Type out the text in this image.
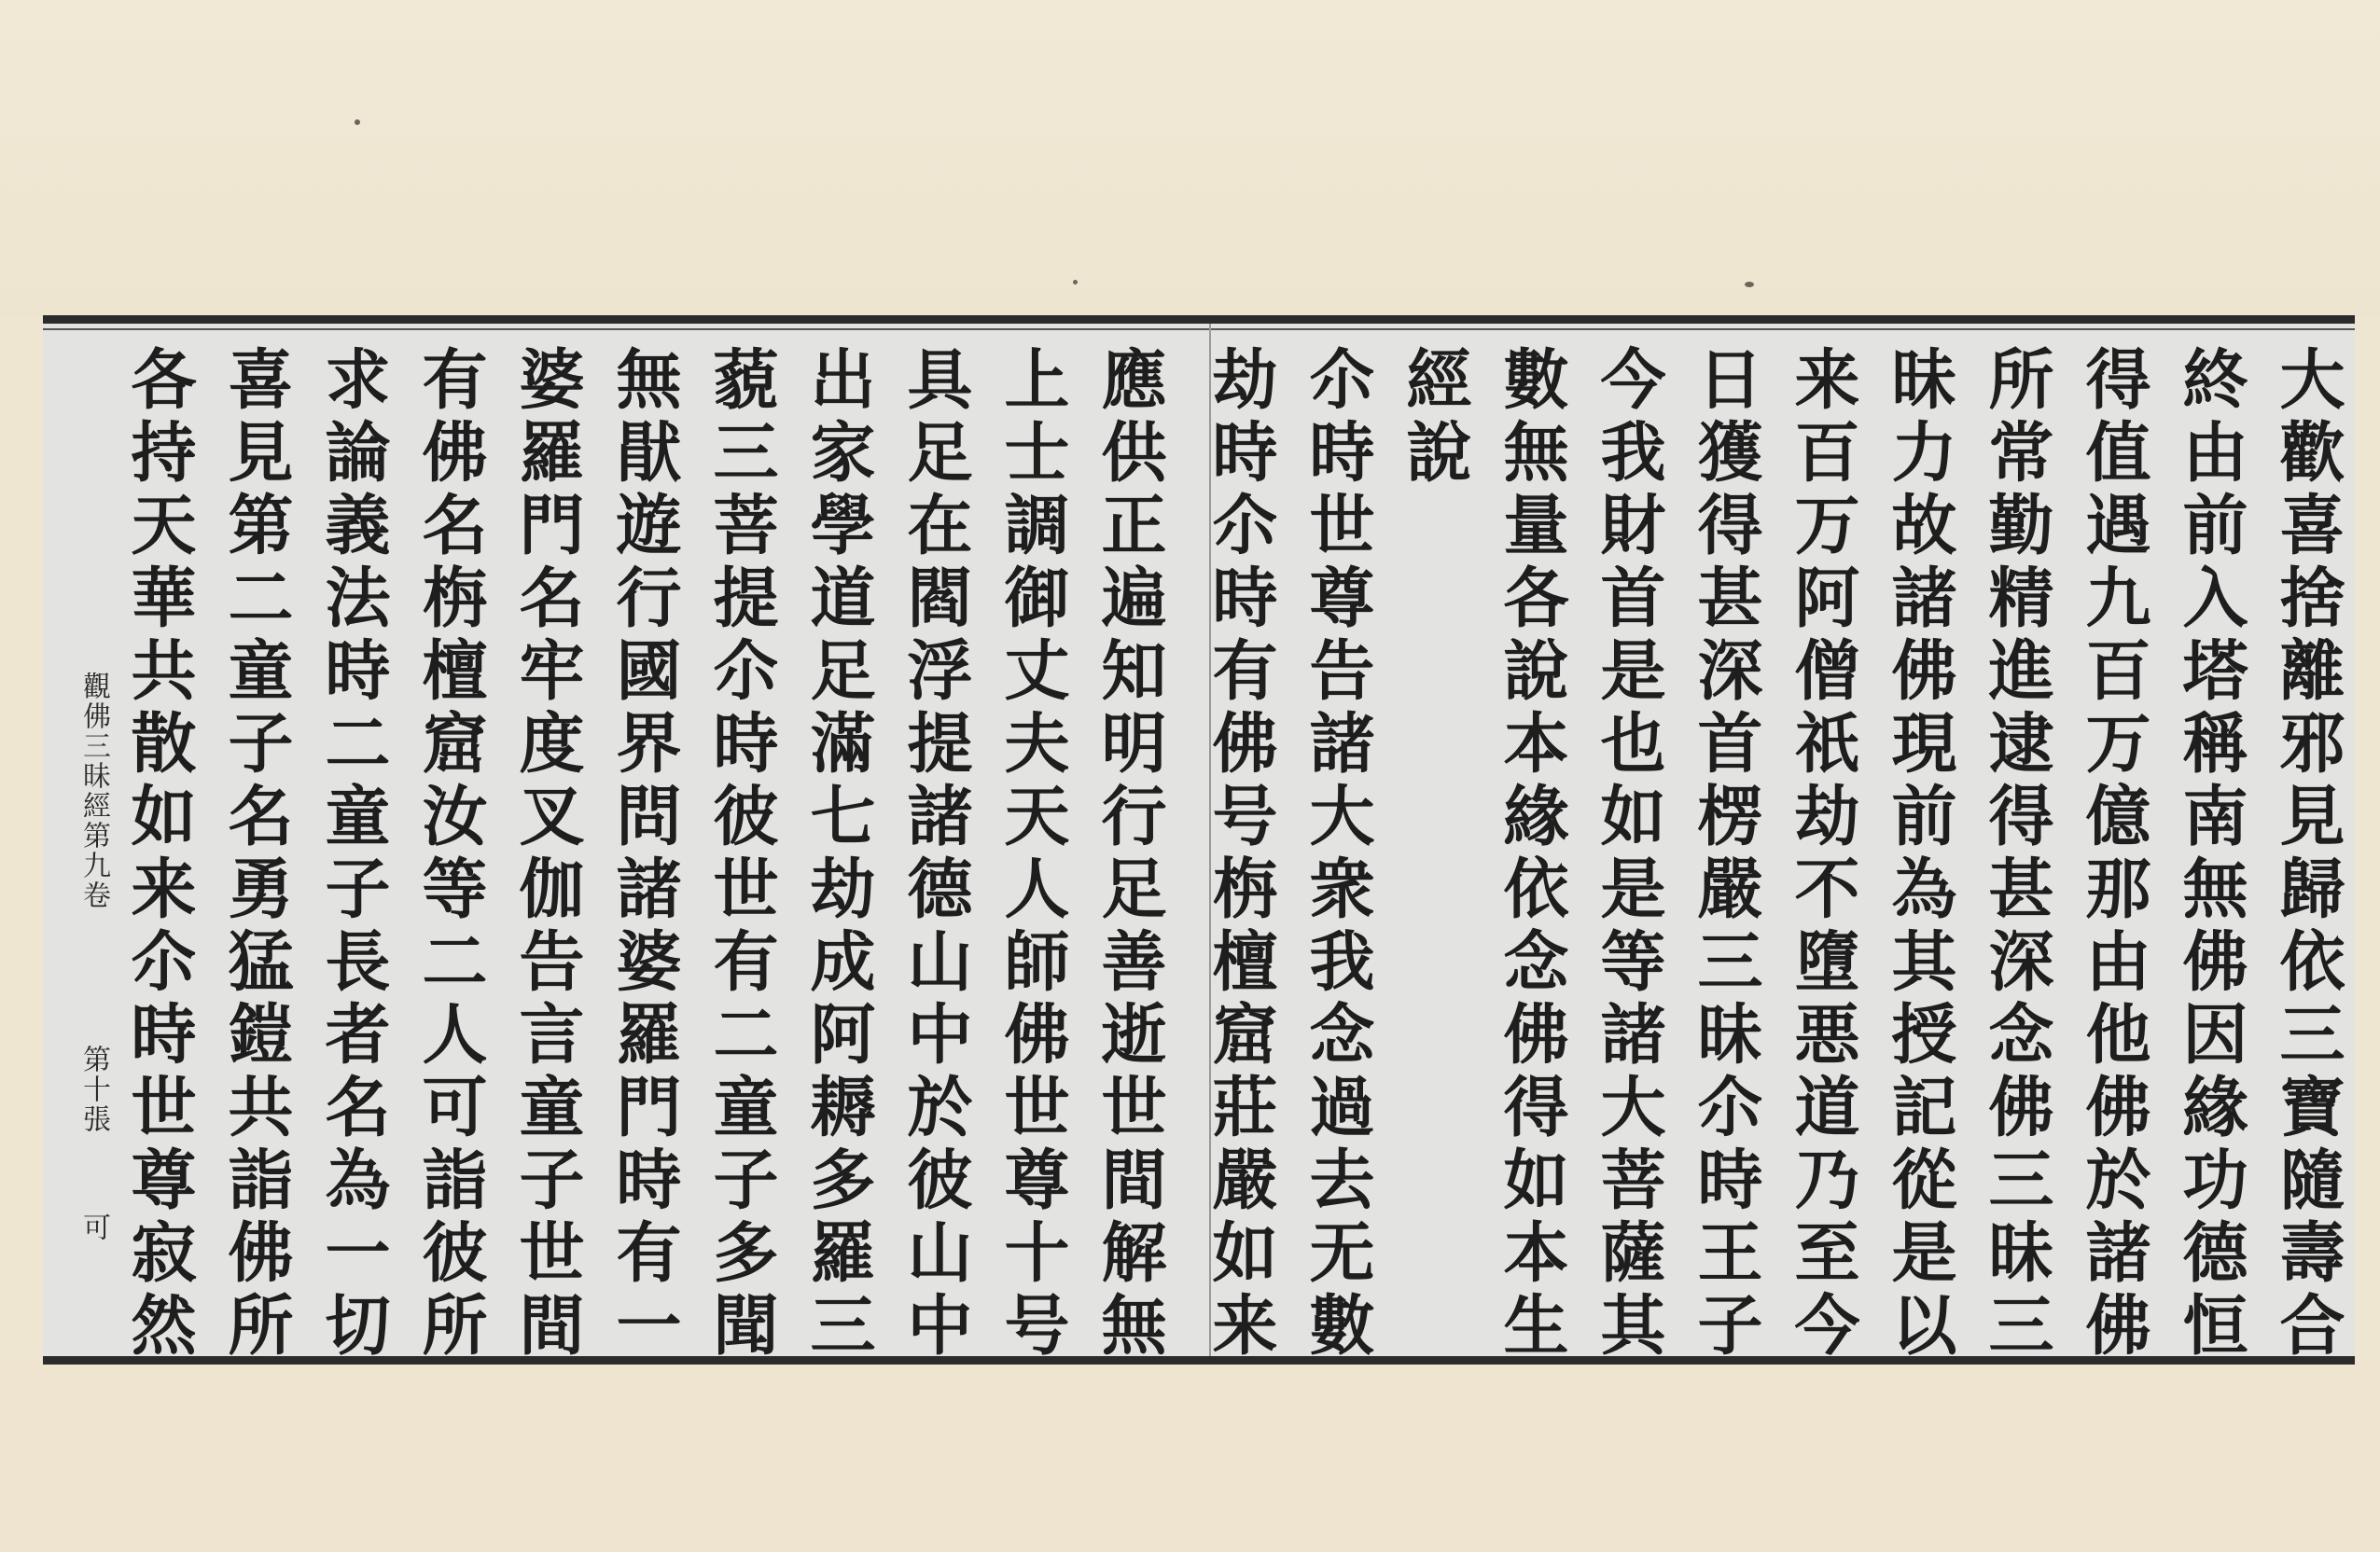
大歡喜捨離邪見歸依三寶隨壽合
終由前入塔稱南無佛因緣功德恒
得值遇九百万億那由他佛於諸佛
所常勤精進逮得甚深念佛三昧三
昧力故諸佛現前為其授記從是以
来百万阿僧祇劫不墮悪道乃至今
日獲得甚深首楞嚴三昧尒時王子
今我財首是也如是等諸大菩薩其
數無量各說本緣依念佛得如本生
經說
尒時世尊告諸大衆我念過去无數
劫時尒時有佛号栴檀窟莊嚴如来
應供正遍知明行足善逝世間解無
上士調御丈夫天人師佛世尊十号
具足在閻浮提諸德山中於彼山中
出家學道足滿七劫成阿耨多羅三
藐三菩提尒時彼世有二童子多聞
無猒遊行國界問諸婆羅門時有一
婆羅門名牢度叉伽告言童子世間
有佛名栴檀窟汝等二人可詣彼所
求論義法時二童子長者名為一切
喜見第二童子名勇猛鎧共詣佛所
各持天華共散如来尒時世尊寂然
觀佛三昧經第九卷
第十張
可
